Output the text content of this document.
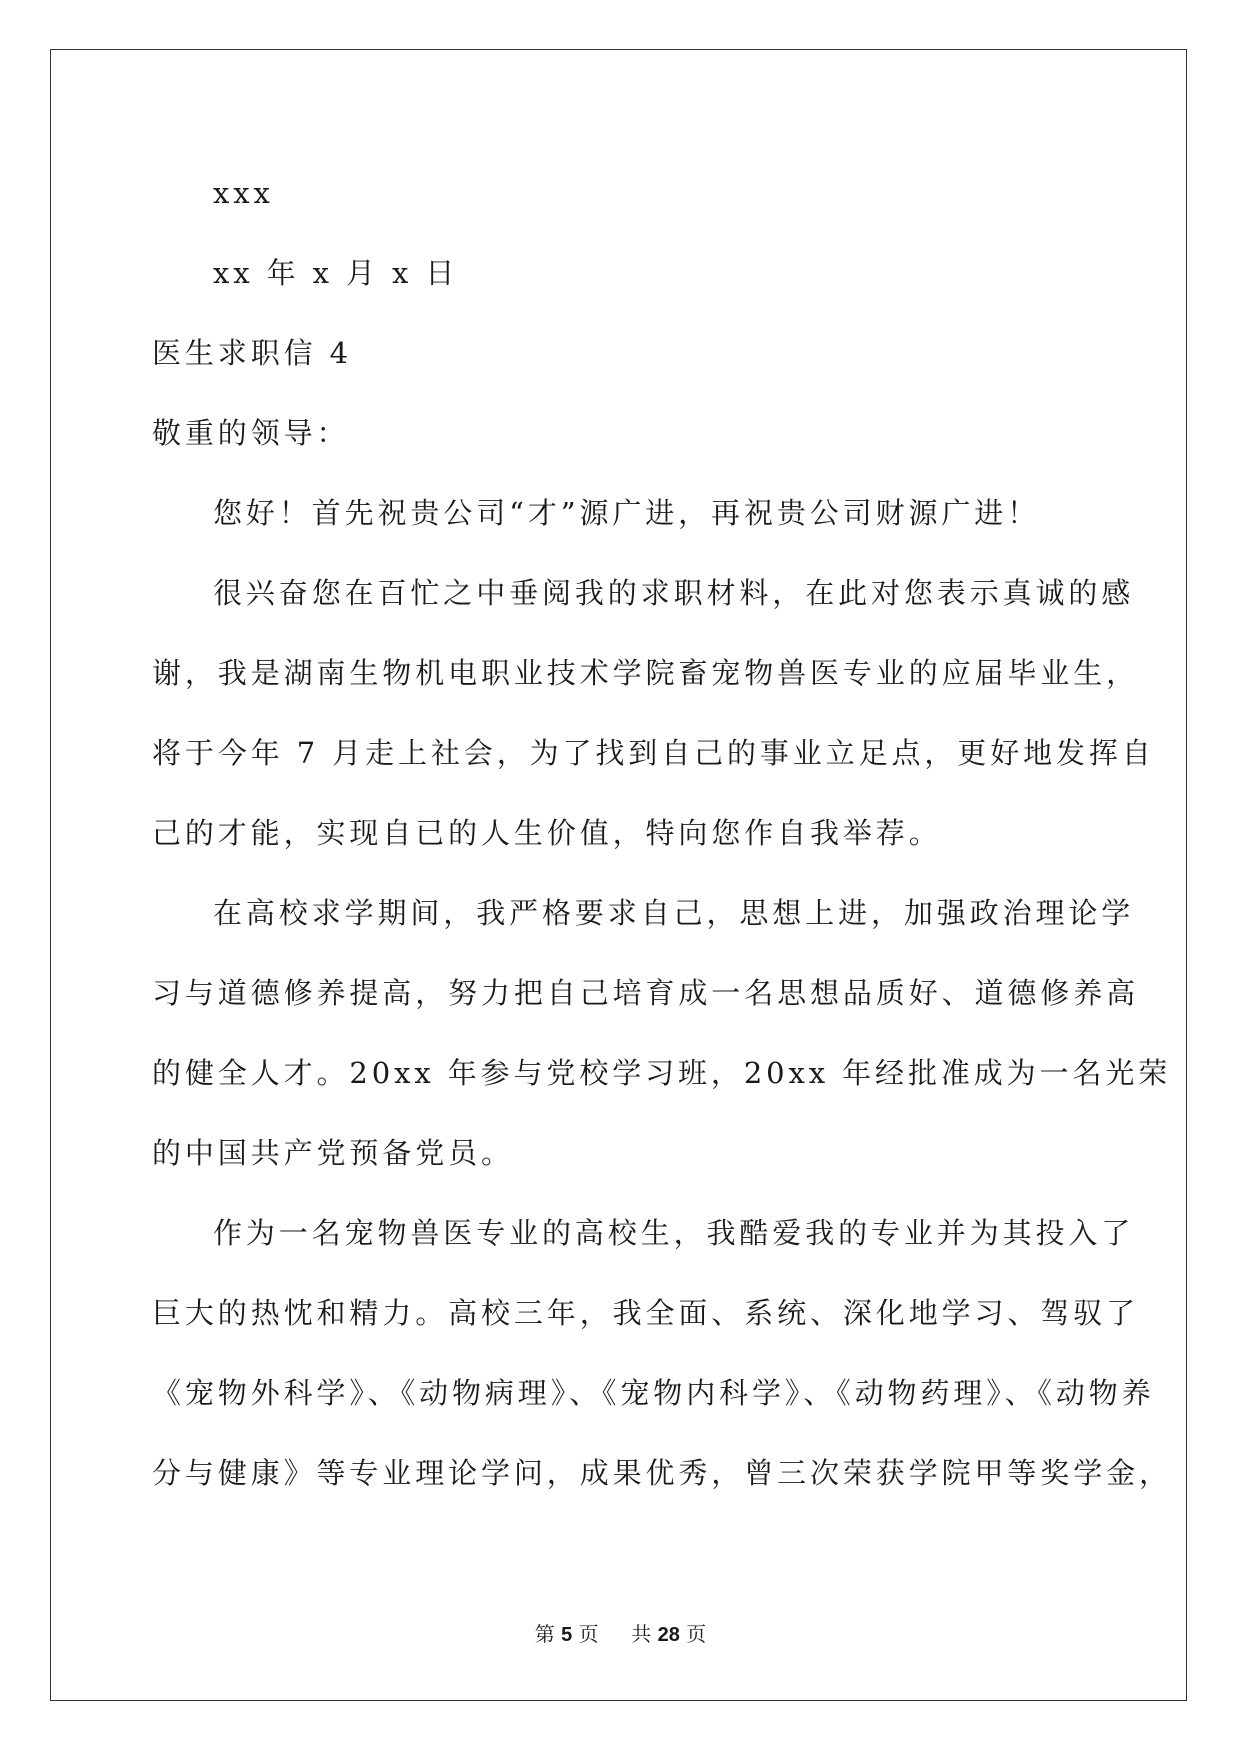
xxx
xx 年 x 月 x 日
医生求职信 4
敬重的领导：
您好！首先祝贵公司“才”源广进，再祝贵公司财源广进！
很兴奋您在百忙之中垂阅我的求职材料，在此对您表示真诚的感
谢，我是湖南生物机电职业技术学院畜宠物兽医专业的应届毕业生，
将于今年 7 月走上社会，为了找到自己的事业立足点，更好地发挥自
己的才能，实现自已的人生价值，特向您作自我举荐。
在高校求学期间，我严格要求自己，思想上进，加强政治理论学
习与道德修养提高，努力把自己培育成一名思想品质好、道德修养高
的健全人才。20xx 年参与党校学习班，20xx 年经批准成为一名光荣
的中国共产党预备党员。
作为一名宠物兽医专业的高校生，我酷爱我的专业并为其投入了
巨大的热忱和精力。高校三年，我全面、系统、深化地学习、驾驭了
《宠物外科学》、《动物病理》、《宠物内科学》、《动物药理》、《动物养
分与健康》等专业理论学问，成果优秀，曾三次荣获学院甲等奖学金，
第 5 页 共 28 页
